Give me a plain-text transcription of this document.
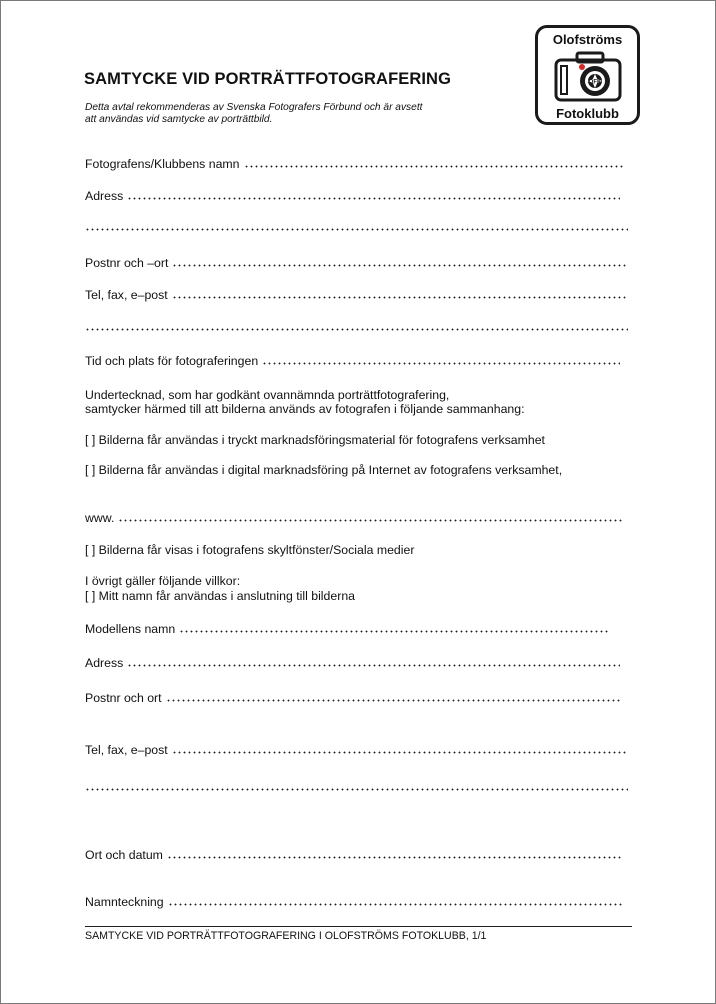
Olofströms
OFK
Fotoklubb
SAMTYCKE VID PORTRÄTTFOTOGRAFERING
Detta avtal rekommenderas av Svenska Fotografers Förbund och är avsett
att användas vid samtycke av porträttbild.
Fotografens/Klubbens namn
Adress
Postnr och –ort
Tel, fax, e–post
Tid och plats för fotograferingen
Undertecknad, som har godkänt ovannämnda porträttfotografering,
samtycker härmed till att bilderna används av fotografen i följande sammanhang:
[ ] Bilderna får användas i tryckt marknadsföringsmaterial för fotografens verksamhet
[ ] Bilderna får användas i digital marknadsföring på Internet av fotografens verksamhet,
www.
[ ] Bilderna får visas i fotografens skyltfönster/Sociala medier
I övrigt gäller följande villkor:
[ ] Mitt namn får användas i anslutning till bilderna
Modellens namn
Adress
Postnr och ort
Tel, fax, e–post
Ort och datum
Namnteckning
SAMTYCKE VID PORTRÄTTFOTOGRAFERING I OLOFSTRÖMS FOTOKLUBB, 1/1
